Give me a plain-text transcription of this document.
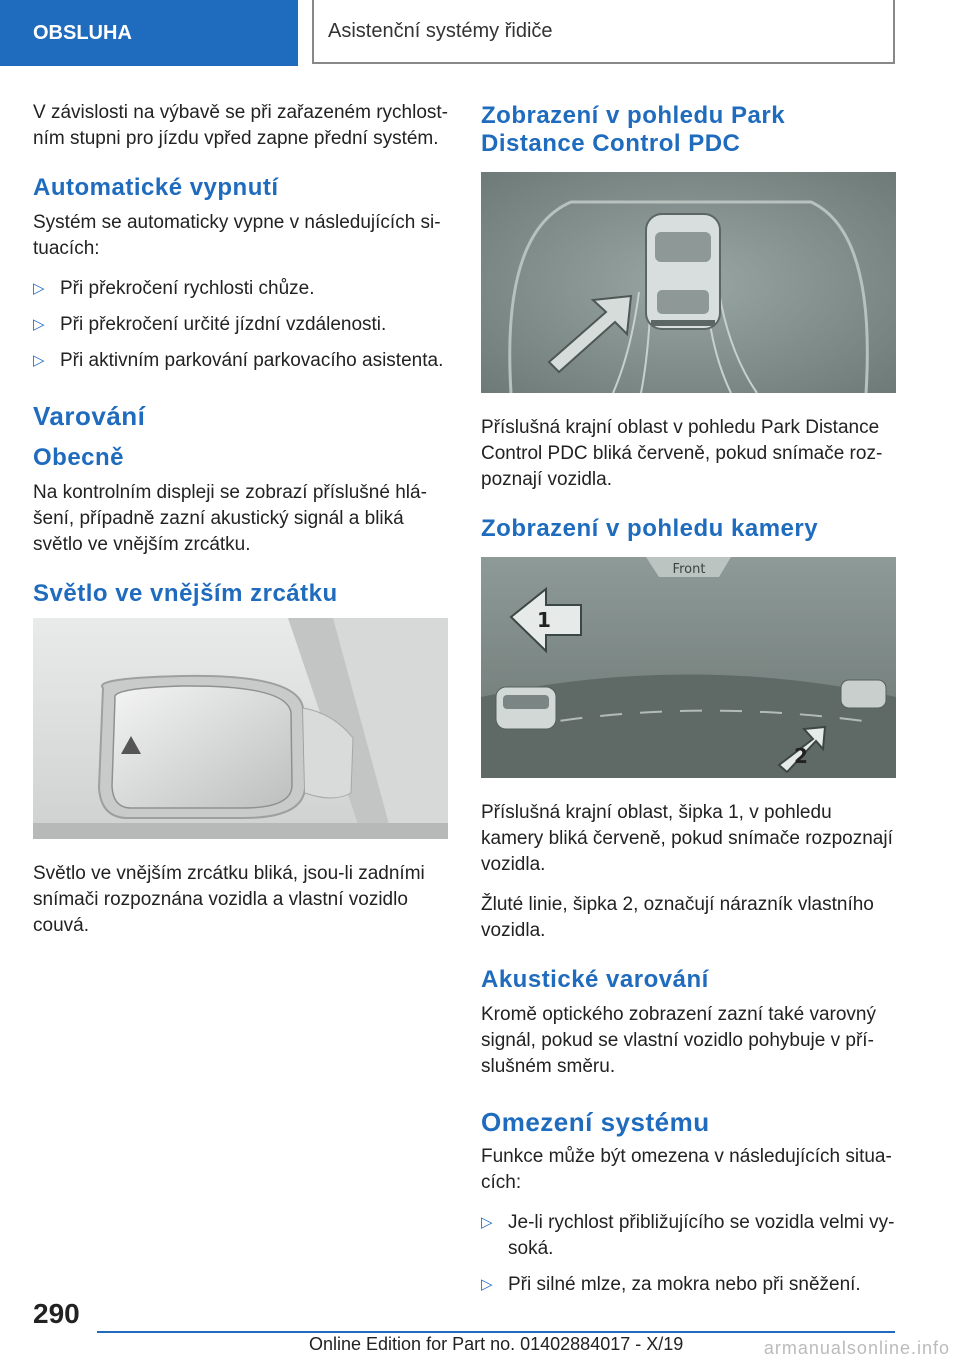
OBSLUHA	Asistenční systémy řidiče

V závislosti na výbavě se při zařazeném rychlostním stupni pro jízdu vpřed zapne přední systém.

Automatické vypnutí

Systém se automaticky vypne v následujících situacích:

▷ Při překročení rychlosti chůze.
▷ Při překročení určité jízdní vzdálenosti.
▷ Při aktivním parkování parkovacího asistenta.
Varování
Obecně

Na kontrolním displeji se zobrazí příslušné hlášení, případně zazní akustický signál a bliká světlo ve vnějším zrcátku.

Světlo ve vnějším zrcátku

Světlo ve vnějším zrcátku bliká, jsou-li zadními snímači rozpoznána vozidla a vlastní vozidlo couvá.

Zobrazení v pohledu Park Distance Control PDC

Příslušná krajní oblast v pohledu Park Distance Control PDC bliká červeně, pokud snímače rozpoznají vozidla.

Zobrazení v pohledu kamery
Front
1
2

Příslušná krajní oblast, šipka 1, v pohledu kamery bliká červeně, pokud snímače rozpoznají vozidla.

Žluté linie, šipka 2, označují nárazník vlastního vozidla.

Akustické varování

Kromě optického zobrazení zazní také varovný signál, pokud se vlastní vozidlo pohybuje v příslušném směru.

Omezení systému

Funkce může být omezena v následujících situacích:

▷ Je-li rychlost přibližujícího se vozidla velmi vysoká.
▷ Při silné mlze, za mokra nebo při sněžení.
290
Online Edition for Part no. 01402884017 - X/19	armanualsonline.info
